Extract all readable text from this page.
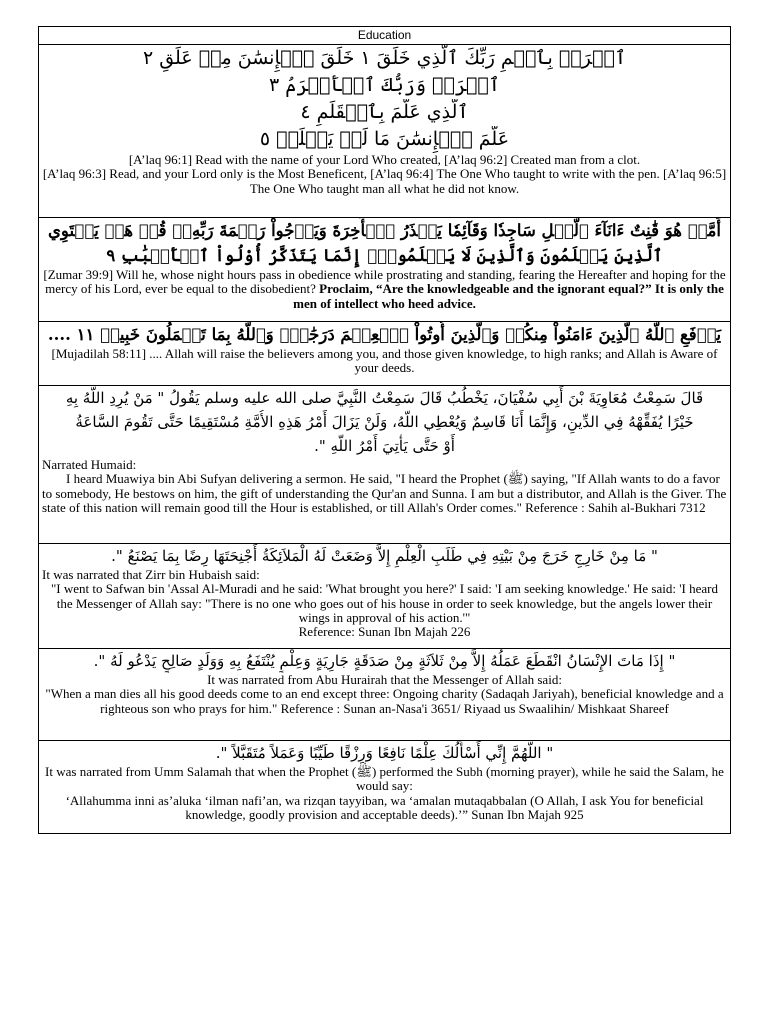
Education
ٱقۡرَأۡ بِٱسۡمِ رَبِّكَ ٱلَّذِي خَلَقَ ١ خَلَقَ ٱلۡإِنسَٰنَ مِنۡ عَلَقٍ ٢
ٱقۡرَأۡ وَرَبُّكَ ٱلۡأَكۡرَمُ ٣
ٱلَّذِي عَلَّمَ بِٱلۡقَلَمِ ٤
عَلَّمَ ٱلۡإِنسَٰنَ مَا لَمۡ يَعۡلَمۡ ٥
[A’laq 96:1] Read with the name of your Lord Who created, [A’laq 96:2] Created man from a clot.
[A’laq 96:3] Read, and your Lord only is the Most Beneficent, [A’laq 96:4] The One Who taught to write with the pen. [A’laq 96:5] The One Who taught man all what he did not know.
أَمَّنۡ هُوَ قَٰنِتٌ ءَانَآءَ ٱلَّيۡلِ سَاجِدٗا وَقَآئِمٗا يَحۡذَرُ ٱلۡأٓخِرَةَ وَيَرۡجُواْ رَحۡمَةَ رَبِّهِۦۗ قُلۡ هَلۡ يَسۡتَوِي
ٱلَّذِينَ يَعۡلَمُونَ وَٱلَّذِينَ لَا يَعۡلَمُونَۗ إِنَّمَا يَتَذَكَّرُ أُوْلُواْ ٱلۡأَلۡبَٰبِ ٩
[Zumar 39:9] Will he, whose night hours pass in obedience while prostrating and standing, fearing the Hereafter and hoping for the mercy of his Lord, ever be equal to the disobedient? Proclaim, “Are the knowledgeable and the ignorant equal?” It is only the men of intellect who heed advice.
يَرۡفَعِ ٱللَّهُ ٱلَّذِينَ ءَامَنُواْ مِنكُمۡ وَٱلَّذِينَ أُوتُواْ ٱلۡعِلۡمَ دَرَجَٰتٖۚ وَٱللَّهُ بِمَا تَعۡمَلُونَ خَبِيرٞ ١١ ....
[Mujadilah 58:11] .... Allah will raise the believers among you, and those given knowledge, to high ranks; and Allah is Aware of your deeds.
قَالَ سَمِعْتُ مُعَاوِيَةَ بْنَ أَبِي سُفْيَانَ، يَخْطُبُ قَالَ سَمِعْتُ النَّبِيَّ صلى الله عليه وسلم يَقُولُ " مَنْ يُرِدِ اللَّهُ بِهِ
خَيْرًا يُفَقِّهْهُ فِي الدِّينِ، وَإِنَّمَا أَنَا قَاسِمٌ وَيُعْطِي اللَّهُ، وَلَنْ يَزَالَ أَمْرُ هَذِهِ الأُمَّةِ مُسْتَقِيمًا حَتَّى تَقُومَ السَّاعَةُ
أَوْ حَتَّى يَأْتِيَ أَمْرُ اللَّهِ ".
Narrated Humaid:
I heard Muawiya bin Abi Sufyan delivering a sermon. He said, "I heard the Prophet (ﷺ) saying, "If Allah wants to do a favor to somebody, He bestows on him, the gift of understanding the Qur'an and Sunna. I am but a distributor, and Allah is the Giver. The state of this nation will remain good till the Hour is established, or till Allah's Order comes." Reference : Sahih al-Bukhari 7312
" مَا مِنْ خَارِجٍ خَرَجَ مِنْ بَيْتِهِ فِي طَلَبِ الْعِلْمِ إِلاَّ وَضَعَتْ لَهُ الْمَلاَئِكَةُ أَجْنِحَتَهَا رِضًا بِمَا يَصْنَعُ ".
It was narrated that Zirr bin Hubaish said:
"I went to Safwan bin 'Assal Al-Muradi and he said: 'What brought you here?' I said: 'I am seeking knowledge.' He said: 'I heard the Messenger of Allah say: "There is no one who goes out of his house in order to seek knowledge, but the angels lower their wings in approval of his action.'"
Reference: Sunan Ibn Majah 226
" إِذَا مَاتَ الإِنْسَانُ انْقَطَعَ عَمَلُهُ إِلاَّ مِنْ ثَلاَثَةٍ مِنْ صَدَقَةٍ جَارِيَةٍ وَعِلْمٍ يُنْتَفَعُ بِهِ وَوَلَدٍ صَالِحٍ يَدْعُو لَهُ ".
It was narrated from Abu Hurairah that the Messenger of Allah said:
"When a man dies all his good deeds come to an end except three: Ongoing charity (Sadaqah Jariyah), beneficial knowledge and a righteous son who prays for him." Reference : Sunan an-Nasa'i 3651/ Riyaad us Swaalihin/ Mishkaat Shareef
" اللَّهُمَّ إِنِّي أَسْأَلُكَ عِلْمًا نَافِعًا وَرِزْقًا طَيِّبًا وَعَمَلاً مُتَقَبَّلاً ".
It was narrated from Umm Salamah that when the Prophet (ﷺ) performed the Subh (morning prayer), while he said the Salam, he would say:
‘Allahumma inni as’aluka ‘ilman nafi’an, wa rizqan tayyiban, wa ‘amalan mutaqabbalan (O Allah, I ask You for beneficial knowledge, goodly provision and acceptable deeds).’” Sunan Ibn Majah 925
